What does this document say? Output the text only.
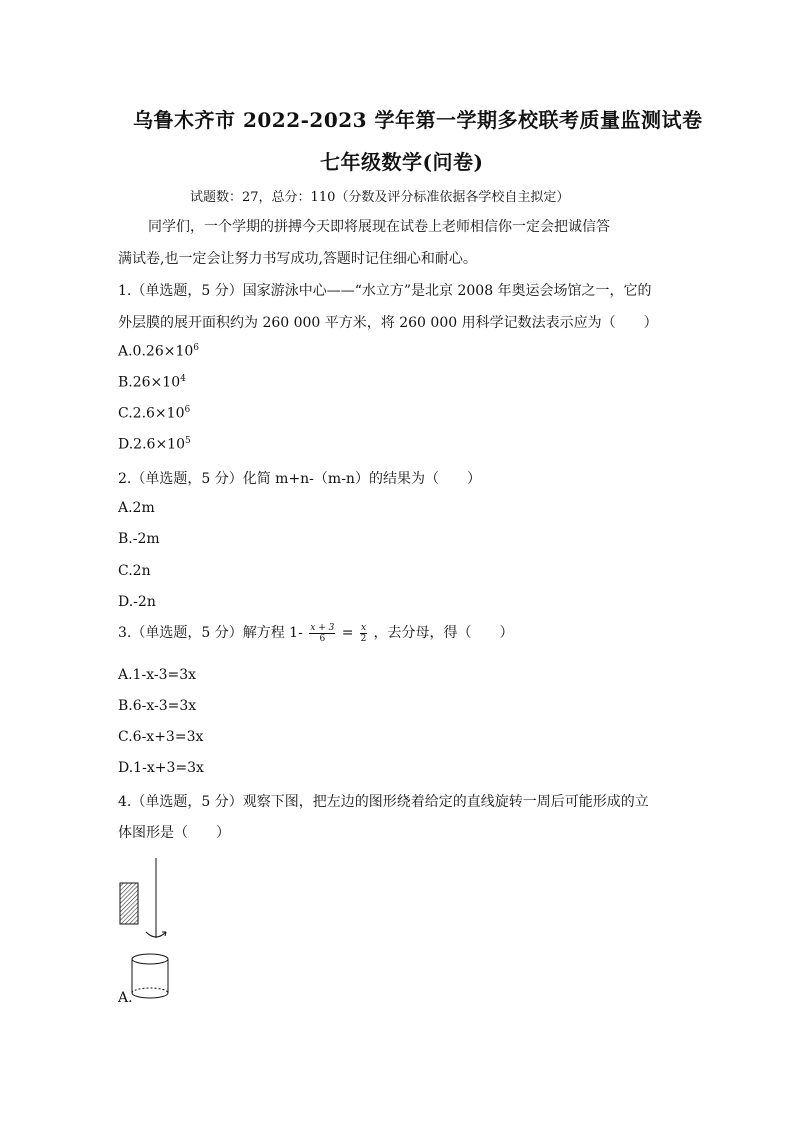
乌鲁木齐市 2022-2023 学年第一学期多校联考质量监测试卷
七年级数学(问卷)
试题数：27，总分：110（分数及评分标准依据各学校自主拟定）
同学们，一个学期的拼搏今天即将展现在试卷上老师相信你一定会把诚信答
满试卷,也一定会让努力书写成功,答题时记住细心和耐心。
1.（单选题，5 分）国家游泳中心——“水立方”是北京 2008 年奥运会场馆之一，它的
外层膜的展开面积约为 260 000 平方米，将 260 000 用科学记数法表示应为（　　）
$A.0.26\times 10^6$
$B.26\times 10^4$
$C.2.6\times 10^6$
$D.2.6\times 10^5$
2.（单选题，5 分）化简 m+n-（m-n）的结果为（　　）
A.2m
B.-2m
C.2n
D.-2n
3.（单选题，5 分）解方程 $1- \frac{x + 3}{6} = \frac{x}{2}$ ，去分母，得（　　）
A.1-x-3=3x
B.6-x-3=3x
C.6-x+3=3x
D.1-x+3=3x
4.（单选题，5 分）观察下图，把左边的图形绕着给定的直线旋转一周后可能形成的立
体图形是（　　）
A.
